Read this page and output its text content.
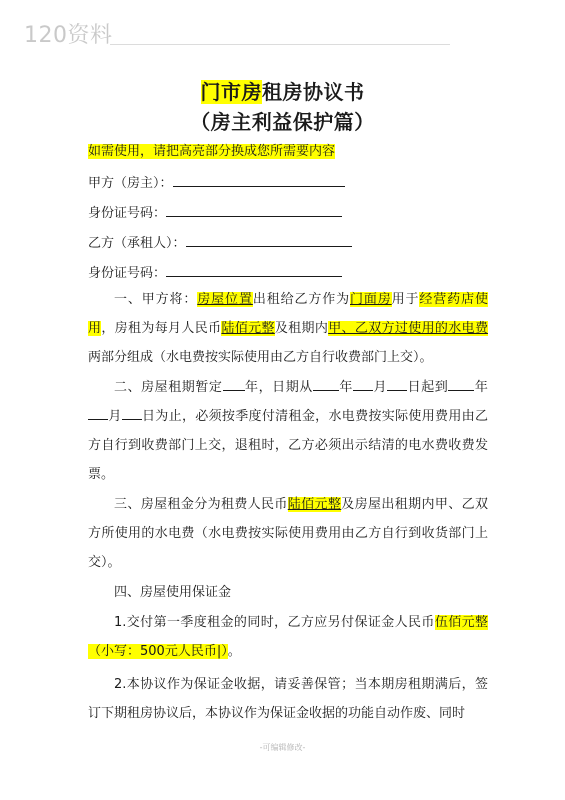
120资料
门市房租房协议书
（房主利益保护篇）
如需使用，请把高亮部分换成您所需要内容
甲方（房主）：
身份证号码：
乙方（承租人）：
身份证号码：
一、甲方将：房屋位置出租给乙方作为门面房用于经营药店使用，房租为每月人民币陆佰元整及租期内甲、乙双方过使用的水电费两部分组成（水电费按实际使用由乙方自行收费部门上交）。
二、房屋租期暂定 年，日期从 年 月 日起到 年月 日为止，必须按季度付清租金，水电费按实际使用费用由乙方自行到收费部门上交，退租时，乙方必须出示结清的电水费收费发票。
三、房屋租金分为租费人民币陆佰元整及房屋出租期内甲、乙双方所使用的水电费（水电费按实际使用费用由乙方自行到收货部门上交）。
四、房屋使用保证金
1.交付第一季度租金的同时，乙方应另付保证金人民币伍佰元整（小写：500元人民币|）。
2.本协议作为保证金收据，请妥善保管；当本期房租期满后，签订下期租房协议后，本协议作为保证金收据的功能自动作废、同时
-可编辑修改-
